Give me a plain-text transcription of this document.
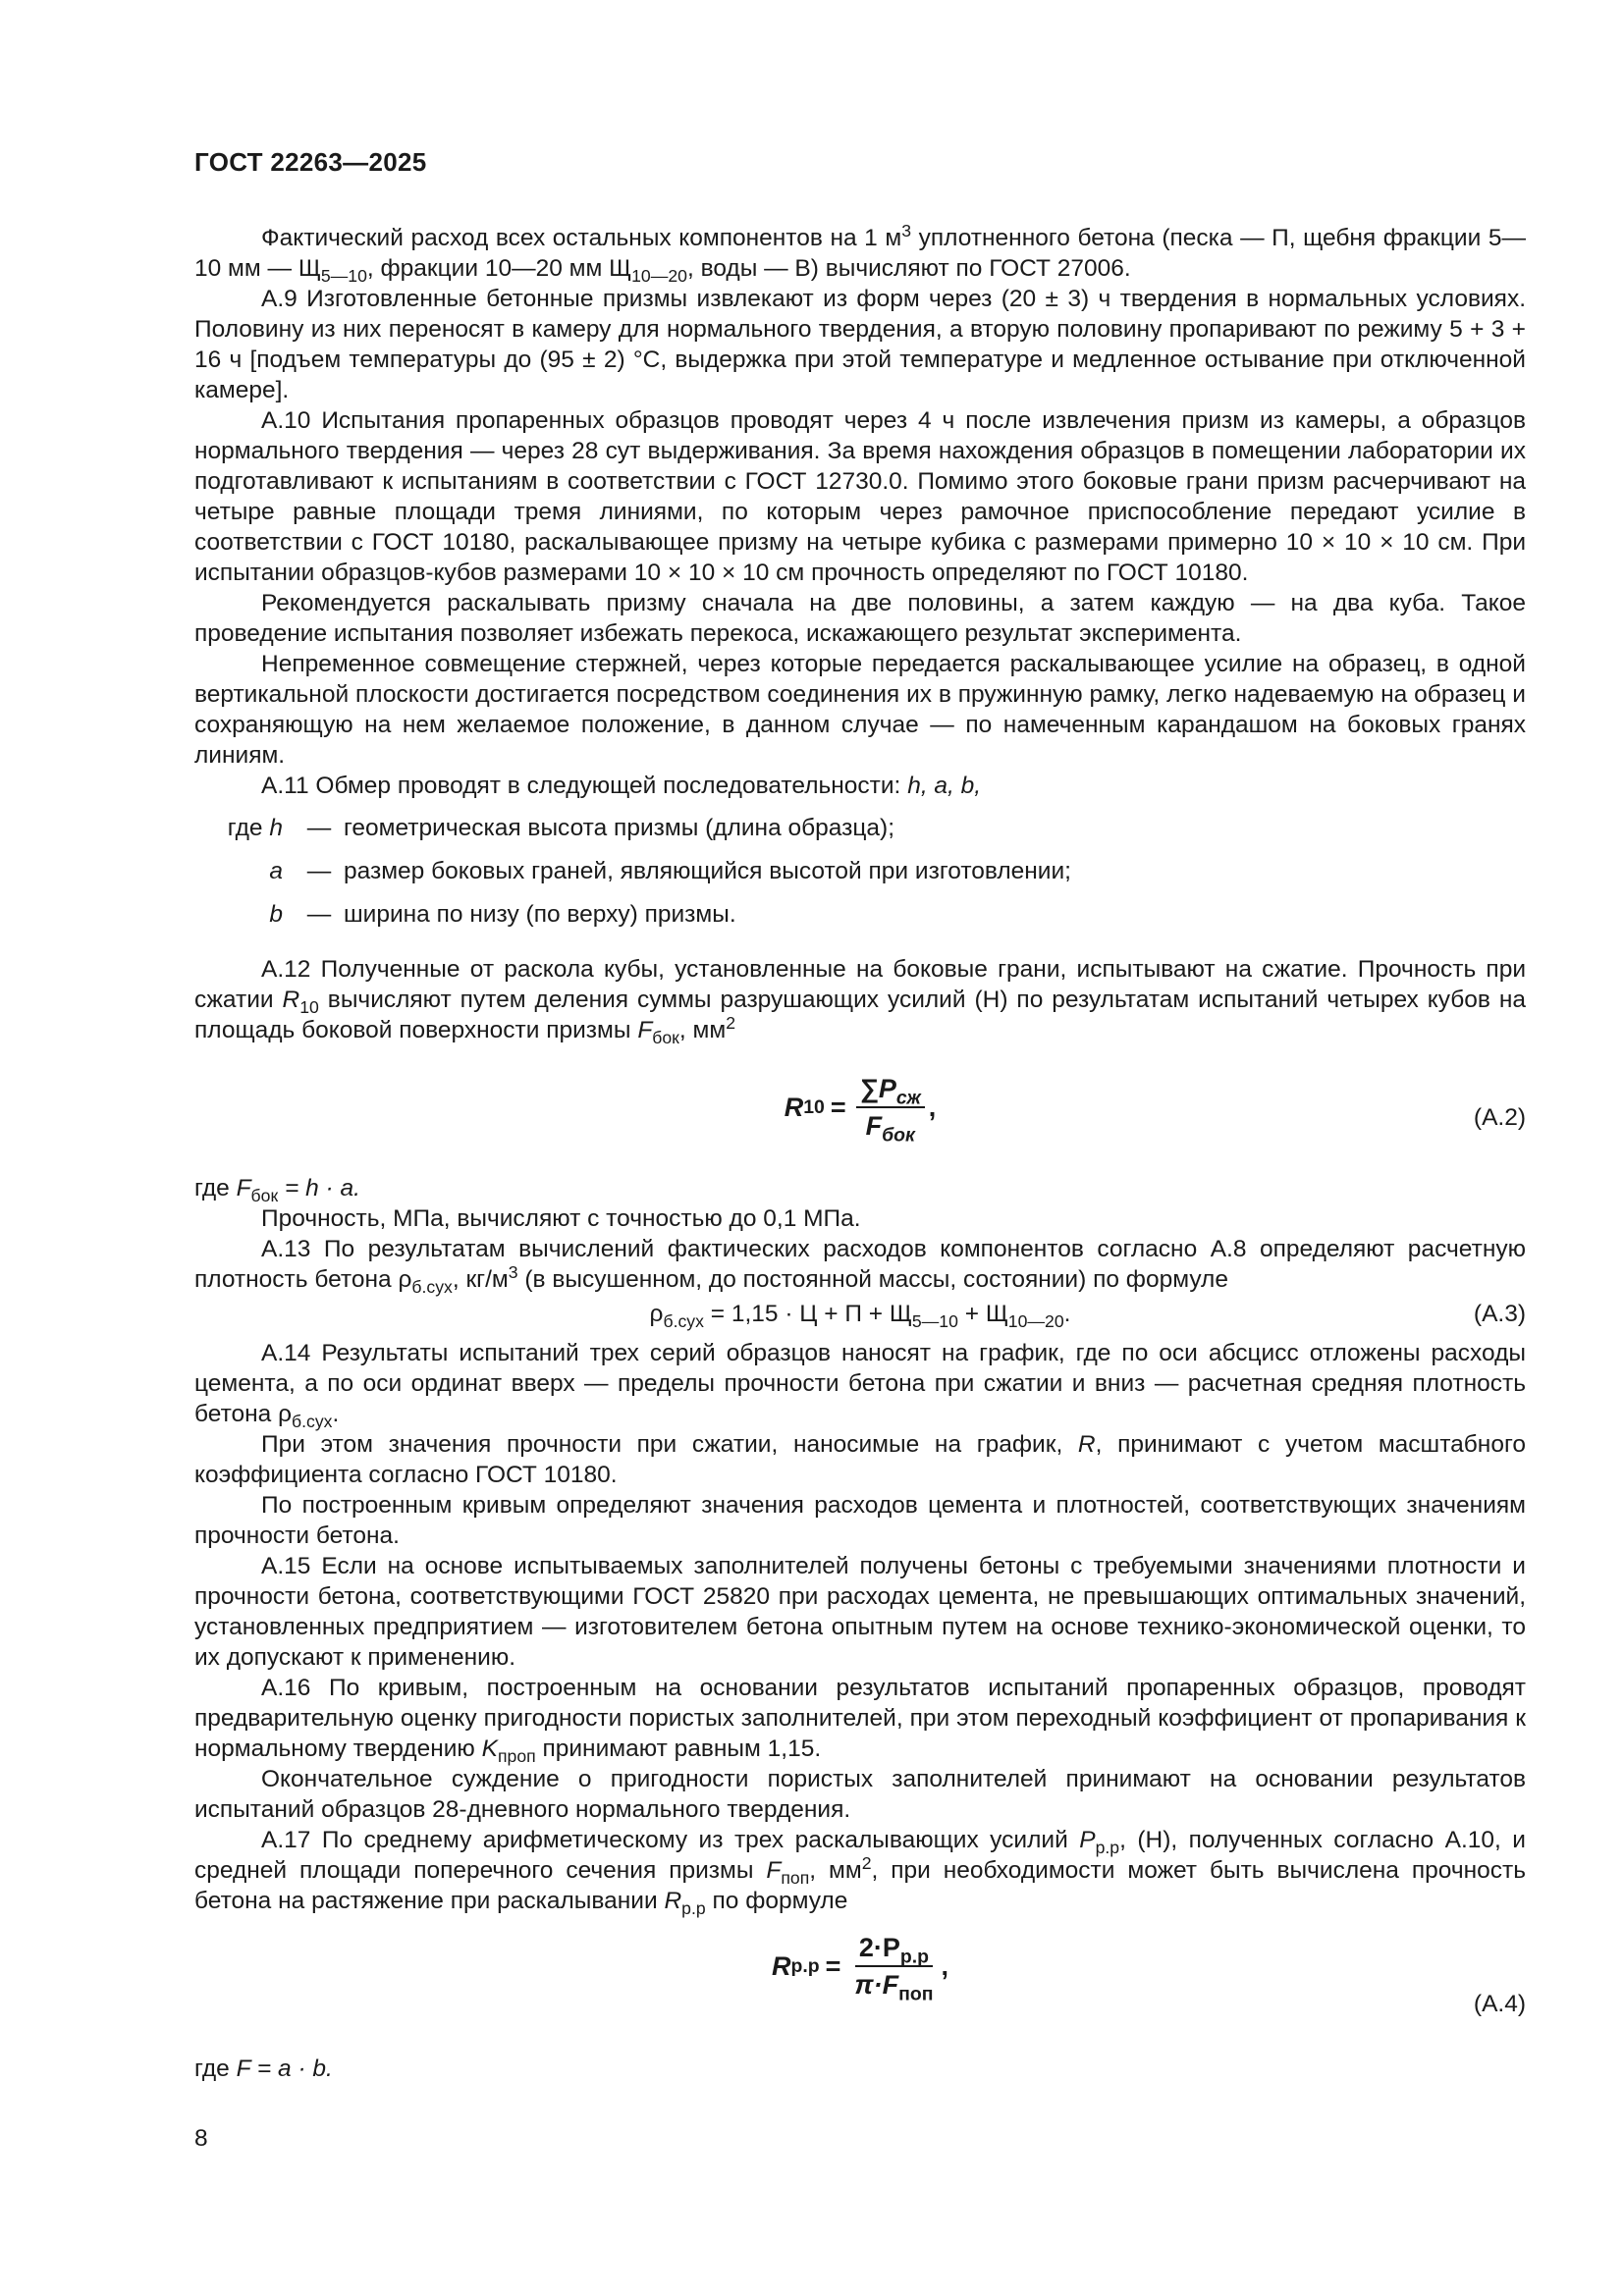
ГОСТ 22263—2025

Фактический расход всех остальных компонентов на 1 $м^3$ уплотненного бетона (песка — П, щебня фракции 5—10 мм — $Щ_{5—10}$, фракции 10—20 мм $Щ_{10—20}$, воды — В) вычисляют по ГОСТ 27006.

А.9 Изготовленные бетонные призмы извлекают из форм через (20 ± 3) ч твердения в нормальных условиях. Половину из них переносят в камеру для нормального твердения, а вторую половину пропаривают по режиму 5 + 3 + 16 ч [подъем температуры до (95 ± 2) °С, выдержка при этой температуре и медленное остывание при отключенной камере].

А.10 Испытания пропаренных образцов проводят через 4 ч после извлечения призм из камеры, а образцов нормального твердения — через 28 сут выдерживания. За время нахождения образцов в помещении лаборатории их подготавливают к испытаниям в соответствии с ГОСТ 12730.0. Помимо этого боковые грани призм расчерчивают на четыре равные площади тремя линиями, по которым через рамочное приспособление передают усилие в соответствии с ГОСТ 10180, раскалывающее призму на четыре кубика с размерами примерно 10 × 10 × 10 см. При испытании образцов-кубов размерами 10 × 10 × 10 см прочность определяют по ГОСТ 10180.

Рекомендуется раскалывать призму сначала на две половины, а затем каждую — на два куба. Такое проведение испытания позволяет избежать перекоса, искажающего результат эксперимента.

Непременное совмещение стержней, через которые передается раскалывающее усилие на образец, в одной вертикальной плоскости достигается посредством соединения их в пружинную рамку, легко надеваемую на образец и сохраняющую на нем желаемое положение, в данном случае — по намеченным карандашом на боковых гранях линиям.

А.11 Обмер проводят в следующей последовательности: h, a, b,

где h	— геометрическая высота призмы (длина образца);
a	— размер боковых граней, являющийся высотой при изготовлении;
b	— ширина по низу (по верху) призмы.

А.12 Полученные от раскола кубы, установленные на боковые грани, испытывают на сжатие. Прочность при сжатии $R_{10}$ вычисляют путем деления суммы разрушающих усилий (Н) по результатам испытаний четырех кубов на площадь боковой поверхности призмы $F_{бок}$, $мм^2$

R $10 = \frac{\sum P_{сж}}{F_{бок}}$ ,	(А.2)

где $F_{бок} = h \cdot a$.

Прочность, МПа, вычисляют с точностью до 0,1 МПа.

А.13 По результатам вычислений фактических расходов компонентов согласно А.8 определяют расчетную плотность бетона $\rho_{б.сух}$, $кг/м^3$ (в высушенном, до постоянной массы, состоянии) по формуле

$\rho_{б.сух} = 1,15 \cdot Ц + П + Щ_{5—10} + Щ_{10—20}$.	(А.3)

А.14 Результаты испытаний трех серий образцов наносят на график, где по оси абсцисс отложены расходы цемента, а по оси ординат вверх — пределы прочности бетона при сжатии и вниз — расчетная средняя плотность бетона $\rho_{б.сух}$.

При этом значения прочности при сжатии, наносимые на график, R, принимают с учетом масштабного коэффициента согласно ГОСТ 10180.

По построенным кривым определяют значения расходов цемента и плотностей, соответствующих значениям прочности бетона.

А.15 Если на основе испытываемых заполнителей получены бетоны с требуемыми значениями плотности и прочности бетона, соответствующими ГОСТ 25820 при расходах цемента, не превышающих оптимальных значений, установленных предприятием — изготовителем бетона опытным путем на основе технико-экономической оценки, то их допускают к применению.

А.16 По кривым, построенным на основании результатов испытаний пропаренных образцов, проводят предварительную оценку пригодности пористых заполнителей, при этом переходный коэффициент от пропаривания к нормальному твердению $K_{проп}$ принимают равным 1,15.

Окончательное суждение о пригодности пористых заполнителей принимают на основании результатов испытаний образцов 28-дневного нормального твердения.

А.17 По среднему арифметическому из трех раскалывающих усилий $P_{р.р}$, (Н), полученных согласно А.10, и средней площади поперечного сечения призмы $F_{поп}$, $мм^2$, при необходимости может быть вычислена прочность бетона на растяжение при раскалывании $R_{р.р}$ по формуле

R $р.р = \frac{2\cdot P_{р.р}}{\pi\cdot F_{поп}}$ ,
(А.4)

где F = a · b.

8
